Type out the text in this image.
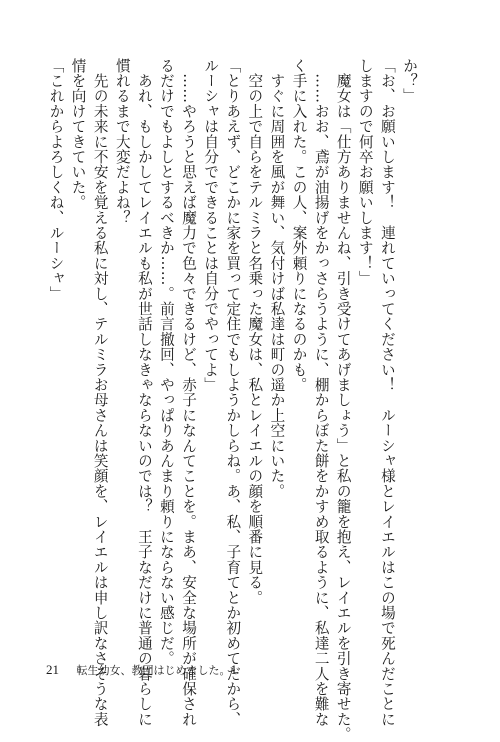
か？」
「お、お願いします！　連れていってください！　ルーシャ様とレイエルはこの場で死んだことに
しますので何卒お願いします！」
　魔女は「仕方ありませんね、引き受けてあげましょう」と私の籠を抱え、レイエルを引き寄せた。
　……おお、鳶が油揚げをかっさらうように、棚からぼた餅をかすめ取るように、私達二人を難な
く手に入れた。この人、案外頼りになるのかも。
　すぐに周囲を風が舞い、気付けば私達は町の遥か上空にいた。
　空の上で自らをテルミラと名乗った魔女は、私とレイエルの顔を順番に見る。
「とりあえず、どこかに家を買って定住でもしようかしらね。あ、私、子育てとか初めてだから、
ルーシャは自分でできることは自分でやってよ」
　……やろうと思えば魔力で色々できるけど、赤子になんてことを。まあ、安全な場所が確保され
るだけでもよしとするべきか……。前言撤回、やっぱりあんまり頼りにならない感じだ。
　あれ、もしかしてレイエルも私が世話しなきゃならないのでは？　王子なだけに普通の暮らしに
慣れるまで大変だよね？
　先の未来に不安を覚える私に対し、テルミラお母さんは笑顔を、レイエルは申し訳なさそうな表
情を向けてきていた。
「これからよろしくね、ルーシャ」
21 転生幼女、教団はじめました。1
